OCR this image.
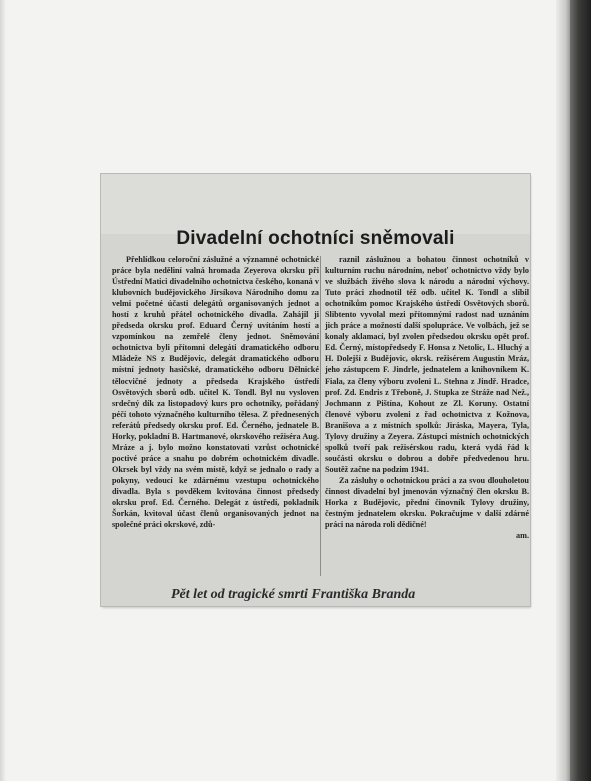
Divadelní ochotníci sněmovali

Přehlídkou celoroční záslužné a významné ochotnické práce byla neděliní valná hromada Zeyerova okrsku při Ústřední Matici divadelního ochotnictva českého, konaná v klubovních budějovického Jirsíkova Národního domu za velmi početné účasti delegátů organisovaných jednot a hostí z kruhů přátel ochotnického divadla. Zahájil ji předseda okrsku prof. Eduard Černý uvítáním hostí a vzpomínkou na zemřelé členy jednot. Sněmování ochotnictva byli přítomni delegáti dramatického odboru Mládeže NS z Budějovic, delegát dramatického odboru místní jednoty hasičské, dramatického odboru Dělnické tělocvičné jednoty a předseda Krajského ústředí Osvětových sborů odb. učitel K. Tondl. Byl nu vysloven srdečný dík za listopadový kurs pro ochotníky, pořádaný péčí tohoto význačného kulturního tělesa. Z přednesených referátů předsedy okrsku prof. Ed. Černého, jednatele B. Horky, pokladní B. Hartmanové, okrskového režiséra Aug. Mráze a j. bylo možno konstatovati vzrůst ochotnické poctivé práce a snahu po dobrém ochotnickém divadle. Okrsek byl vždy na svém místě, když se jednalo o rady a pokyny, vedoucí ke zdárnému vzestupu ochotnického divadla. Byla s povděkem kvitována činnost předsedy okrsku prof. Ed. Černého. Delegát z ústředí, pokladník Šorkán, kvitoval účast členů organisovaných jednot na společné práci okrskové, zdů-

raznil záslužnou a bohatou činnost ochotníků v kulturním ruchu národním, neboť ochotnictvo vždy bylo ve službách živého slova k národu a národní výchovy. Tuto práci zhodnotil též odb. učitel K. Tondl a slíbil ochotníkům pomoc Krajského ústředí Osvětových sborů. Slibtento vyvolal mezi přítomnými radost nad uznáním jich práce a možností další spolupráce. Ve volbách, jež se konaly aklamací, byl zvolen předsedou okrsku opět prof. Ed. Černý, místopředsedy F. Honsa z Netolic, L. Hluchý a H. Dolejší z Budějovic, okrsk. režisérem Augustin Mráz, jeho zástupcem F. Jindrle, jednatelem a knihovníkem K. Fiala, za členy výboru zvoleni L. Stehna z Jindř. Hradce, prof. Zd. Endris z Třeboně, J. Stupka ze Stráže nad Než., Jochmann z Pištína, Kohout ze Zl. Koruny. Ostatní členové výboru zvoleni z řad ochotnictva z Kožnova, Branišova a z místních spolků: Jiráska, Mayera, Tyla, Tylovy družiny a Zeyera. Zástupci místních ochotnických spolků tvoří pak režisérskou radu, která vydá řád k součásti okrsku o dobrou a dobře předvedenou hru. Soutěž začne na podzim 1941.

Za zásluhy o ochotnickou práci a za svou dlouholetou činnost divadelní byl jmenován význačný člen okrsku B. Horka z Budějovic, přední činovník Tylovy družiny, čestným jednatelem okrsku. Pokračujme v další zdárné práci na národa roli dědičné!

am.

Pět let od tragické smrti Františka Branda
